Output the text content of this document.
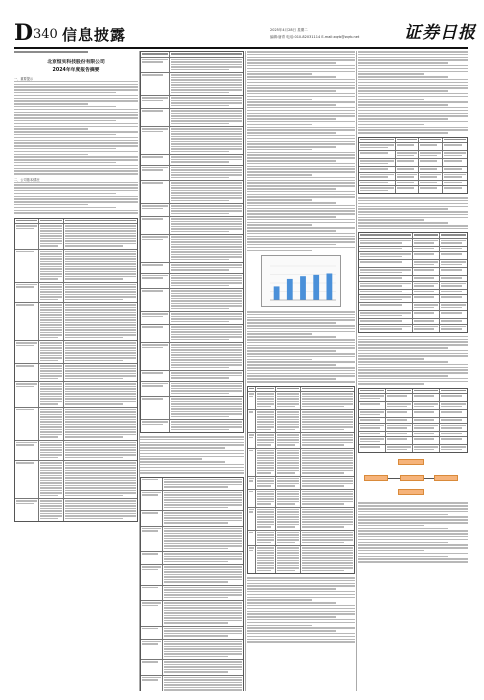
D 340 信息披露	2025年4月28日 星期二
编辑:唐青 电话:010-82031114 E-mail:zqrb@zqrb.net	证券日报
北京恒实科技股份有限公司
2024年年度报告摘要
一、重要提示
二、公司基本情况
